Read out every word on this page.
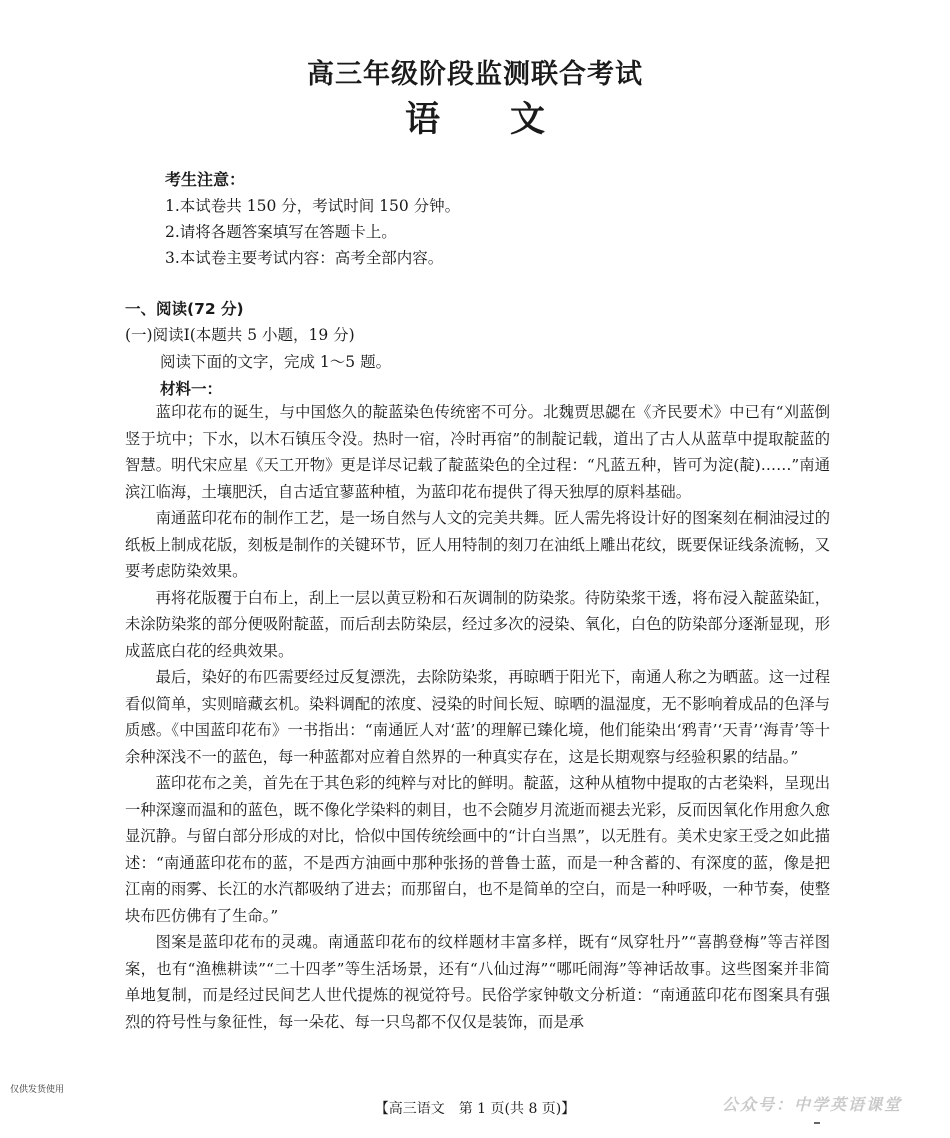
高三年级阶段监测联合考试
语文
考生注意：
1.本试卷共 150 分，考试时间 150 分钟。
2.请将各题答案填写在答题卡上。
3.本试卷主要考试内容：高考全部内容。
一、阅读(72 分)
(一)阅读Ⅰ(本题共 5 小题，19 分)
阅读下面的文字，完成 1～5 题。
材料一：

蓝印花布的诞生，与中国悠久的靛蓝染色传统密不可分。北魏贾思勰在《齐民要术》中已有“刈蓝倒竖于坑中；下水，以木石镇压令没。热时一宿，冷时再宿”的制靛记载，道出了古人从蓝草中提取靛蓝的智慧。明代宋应星《天工开物》更是详尽记载了靛蓝染色的全过程：“凡蓝五种，皆可为淀(靛)……”南通滨江临海，土壤肥沃，自古适宜蓼蓝种植，为蓝印花布提供了得天独厚的原料基础。

南通蓝印花布的制作工艺，是一场自然与人文的完美共舞。匠人需先将设计好的图案刻在桐油浸过的纸板上制成花版，刻板是制作的关键环节，匠人用特制的刻刀在油纸上雕出花纹，既要保证线条流畅，又要考虑防染效果。

再将花版覆于白布上，刮上一层以黄豆粉和石灰调制的防染浆。待防染浆干透，将布浸入靛蓝染缸，未涂防染浆的部分便吸附靛蓝，而后刮去防染层，经过多次的浸染、氧化，白色的防染部分逐渐显现，形成蓝底白花的经典效果。

最后，染好的布匹需要经过反复漂洗，去除防染浆，再晾晒于阳光下，南通人称之为晒蓝。这一过程看似简单，实则暗藏玄机。染料调配的浓度、浸染的时间长短、晾晒的温湿度，无不影响着成品的色泽与质感。《中国蓝印花布》一书指出：“南通匠人对‘蓝’的理解已臻化境，他们能染出‘鸦青’‘天青’‘海青’等十余种深浅不一的蓝色，每一种蓝都对应着自然界的一种真实存在，这是长期观察与经验积累的结晶。”

蓝印花布之美，首先在于其色彩的纯粹与对比的鲜明。靛蓝，这种从植物中提取的古老染料，呈现出一种深邃而温和的蓝色，既不像化学染料的刺目，也不会随岁月流逝而褪去光彩，反而因氧化作用愈久愈显沉静。与留白部分形成的对比，恰似中国传统绘画中的“计白当黑”，以无胜有。美术史家王受之如此描述：“南通蓝印花布的蓝，不是西方油画中那种张扬的普鲁士蓝，而是一种含蓄的、有深度的蓝，像是把江南的雨雾、长江的水汽都吸纳了进去；而那留白，也不是简单的空白，而是一种呼吸，一种节奏，使整块布匹仿佛有了生命。”

图案是蓝印花布的灵魂。南通蓝印花布的纹样题材丰富多样，既有“凤穿牡丹”“喜鹊登梅”等吉祥图案，也有“渔樵耕读”“二十四孝”等生活场景，还有“八仙过海”“哪吒闹海”等神话故事。这些图案并非简单地复制，而是经过民间艺人世代提炼的视觉符号。民俗学家钟敬文分析道：“南通蓝印花布图案具有强烈的符号性与象征性，每一朵花、每一只鸟都不仅仅是装饰，而是承

仅供发货使用
【高三语文　第 1 页(共 8 页)】	公众号：中学英语课堂
